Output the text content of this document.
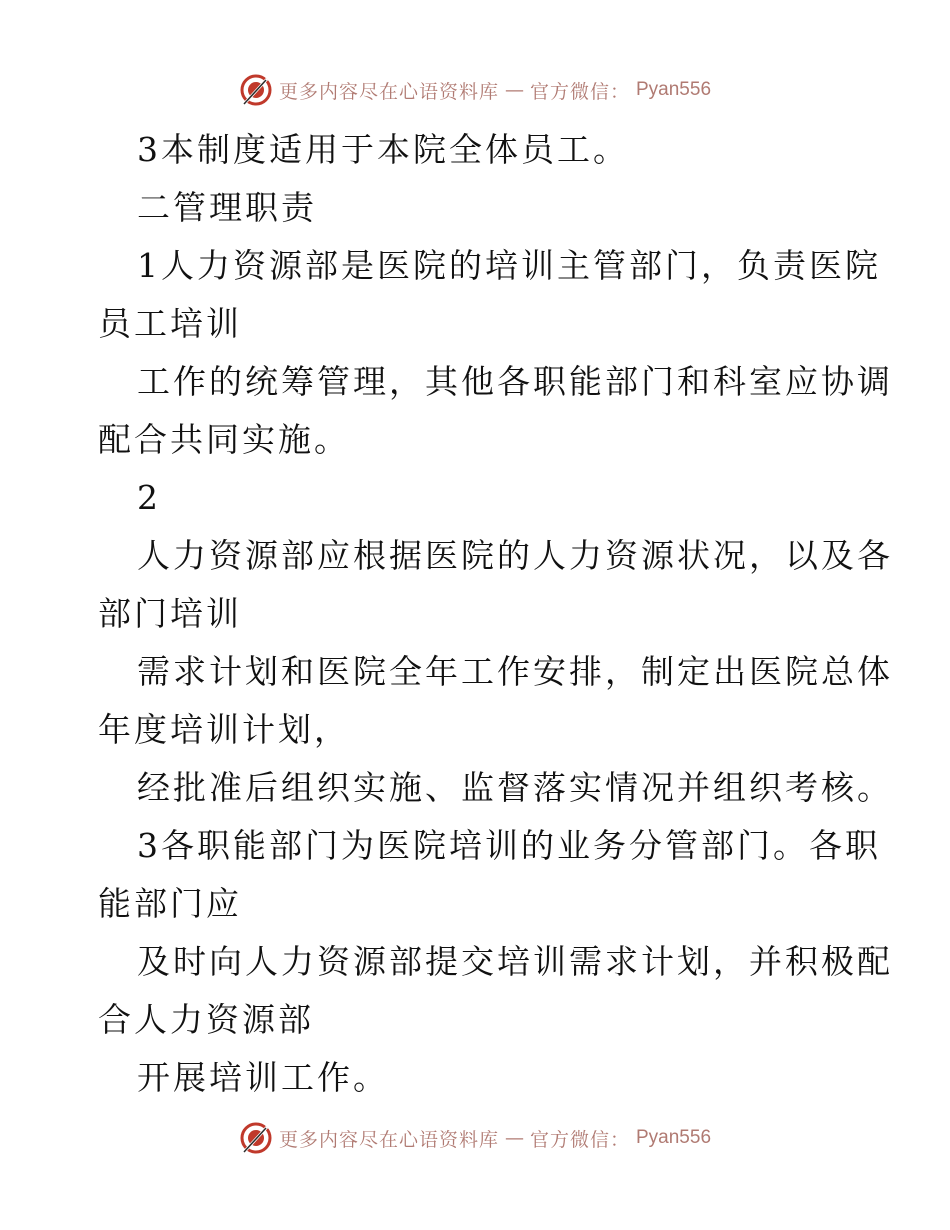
更多内容尽在心语资料库 — 官方微信： Pyan556
3本制度适用于本院全体员工。
二管理职责
1人力资源部是医院的培训主管部门，负责医院
员工培训
工作的统筹管理，其他各职能部门和科室应协调
配合共同实施。
2
人力资源部应根据医院的人力资源状况，以及各
部门培训
需求计划和医院全年工作安排，制定出医院总体
年度培训计划，
经批准后组织实施、监督落实情况并组织考核。
3各职能部门为医院培训的业务分管部门。各职
能部门应
及时向人力资源部提交培训需求计划，并积极配
合人力资源部
开展培训工作。
更多内容尽在心语资料库 — 官方微信： Pyan556
